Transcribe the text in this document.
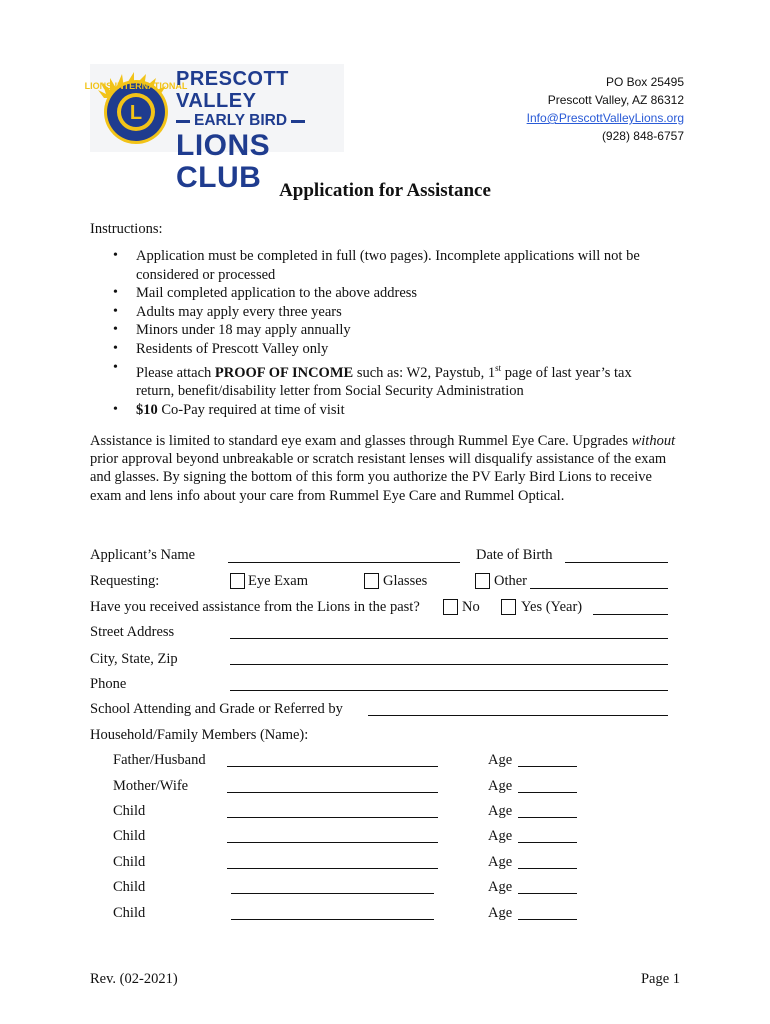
L
LIONS INTERNATIONAL
PRESCOTT VALLEY
EARLY BIRD
LIONS CLUB
PO Box 25495
Prescott Valley, AZ 86312
Info@PrescottValleyLions.org
(928) 848-6757
Application for Assistance
Instructions:
• Application must be completed in full (two pages). Incomplete applications will not be considered or processed
• Mail completed application to the above address
• Adults may apply every three years
• Minors under 18 may apply annually
• Residents of Prescott Valley only
• Please attach PROOF OF INCOME such as: W2, Paystub, 1st page of last year’s tax return, benefit/disability letter from Social Security Administration
• $10 Co-Pay required at time of visit
Assistance is limited to standard eye exam and glasses through Rummel Eye Care. Upgrades without prior approval beyond unbreakable or scratch resistant lenses will disqualify assistance of the exam and glasses. By signing the bottom of this form you authorize the PV Early Bird Lions to receive exam and lens info about your care from Rummel Eye Care and Rummel Optical.
Applicant’s Name	Date of Birth
Requesting:	Eye Exam	Glasses	Other
Have you received assistance from the Lions in the past?	No	Yes (Year)
Street Address
City, State, Zip
Phone
School Attending and Grade or Referred by
Household/Family Members (Name):
Father/Husband	Age
Mother/Wife	Age
Child	Age
Child	Age
Child	Age
Child	Age
Child	Age
Rev. (02-2021)	Page 1
